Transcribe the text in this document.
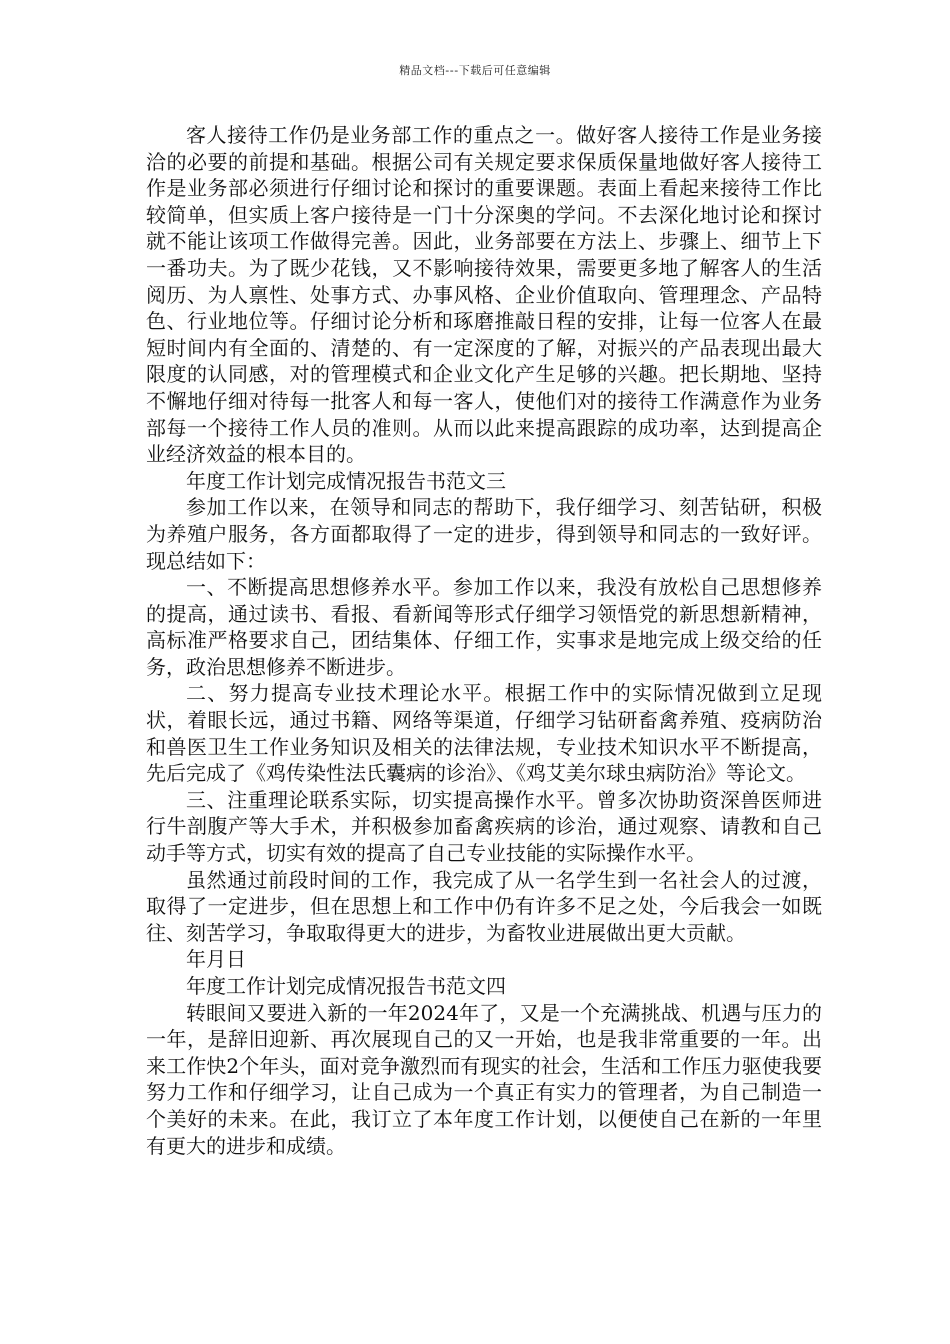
精品文档---下载后可任意编辑

客人接待工作仍是业务部工作的重点之一。做好客人接待工作是业务接洽的必要的前提和基础。根据公司有关规定要求保质保量地做好客人接待工作是业务部必须进行仔细讨论和探讨的重要课题。表面上看起来接待工作比较简单，但实质上客户接待是一门十分深奥的学问。不去深化地讨论和探讨就不能让该项工作做得完善。因此，业务部要在方法上、步骤上、细节上下一番功夫。为了既少花钱，又不影响接待效果，需要更多地了解客人的生活阅历、为人禀性、处事方式、办事风格、企业价值取向、管理理念、产品特色、行业地位等。仔细讨论分析和琢磨推敲日程的安排，让每一位客人在最短时间内有全面的、清楚的、有一定深度的了解，对振兴的产品表现出最大限度的认同感，对的管理模式和企业文化产生足够的兴趣。把长期地、坚持不懈地仔细对待每一批客人和每一客人，使他们对的接待工作满意作为业务部每一个接待工作人员的准则。从而以此来提高跟踪的成功率，达到提高企业经济效益的根本目的。

年度工作计划完成情况报告书范文三

参加工作以来，在领导和同志的帮助下，我仔细学习、刻苦钻研，积极为养殖户服务，各方面都取得了一定的进步，得到领导和同志的一致好评。现总结如下：

一、不断提高思想修养水平。参加工作以来，我没有放松自己思想修养的提高，通过读书、看报、看新闻等形式仔细学习领悟党的新思想新精神，高标准严格要求自己，团结集体、仔细工作，实事求是地完成上级交给的任务，政治思想修养不断进步。

二、努力提高专业技术理论水平。根据工作中的实际情况做到立足现状，着眼长远，通过书籍、网络等渠道，仔细学习钻研畜禽养殖、疫病防治和兽医卫生工作业务知识及相关的法律法规，专业技术知识水平不断提高，先后完成了《鸡传染性法氏囊病的诊治》、《鸡艾美尔球虫病防治》等论文。

三、注重理论联系实际，切实提高操作水平。曾多次协助资深兽医师进行牛剖腹产等大手术，并积极参加畜禽疾病的诊治，通过观察、请教和自己动手等方式，切实有效的提高了自己专业技能的实际操作水平。

虽然通过前段时间的工作，我完成了从一名学生到一名社会人的过渡，取得了一定进步，但在思想上和工作中仍有许多不足之处，今后我会一如既往、刻苦学习，争取取得更大的进步，为畜牧业进展做出更大贡献。

年月日

年度工作计划完成情况报告书范文四

转眼间又要进入新的一年2024年了，又是一个充满挑战、机遇与压力的一年，是辞旧迎新、再次展现自己的又一开始，也是我非常重要的一年。出来工作快2个年头，面对竞争激烈而有现实的社会，生活和工作压力驱使我要努力工作和仔细学习，让自己成为一个真正有实力的管理者，为自己制造一个美好的未来。在此，我订立了本年度工作计划，以便使自己在新的一年里有更大的进步和成绩。
